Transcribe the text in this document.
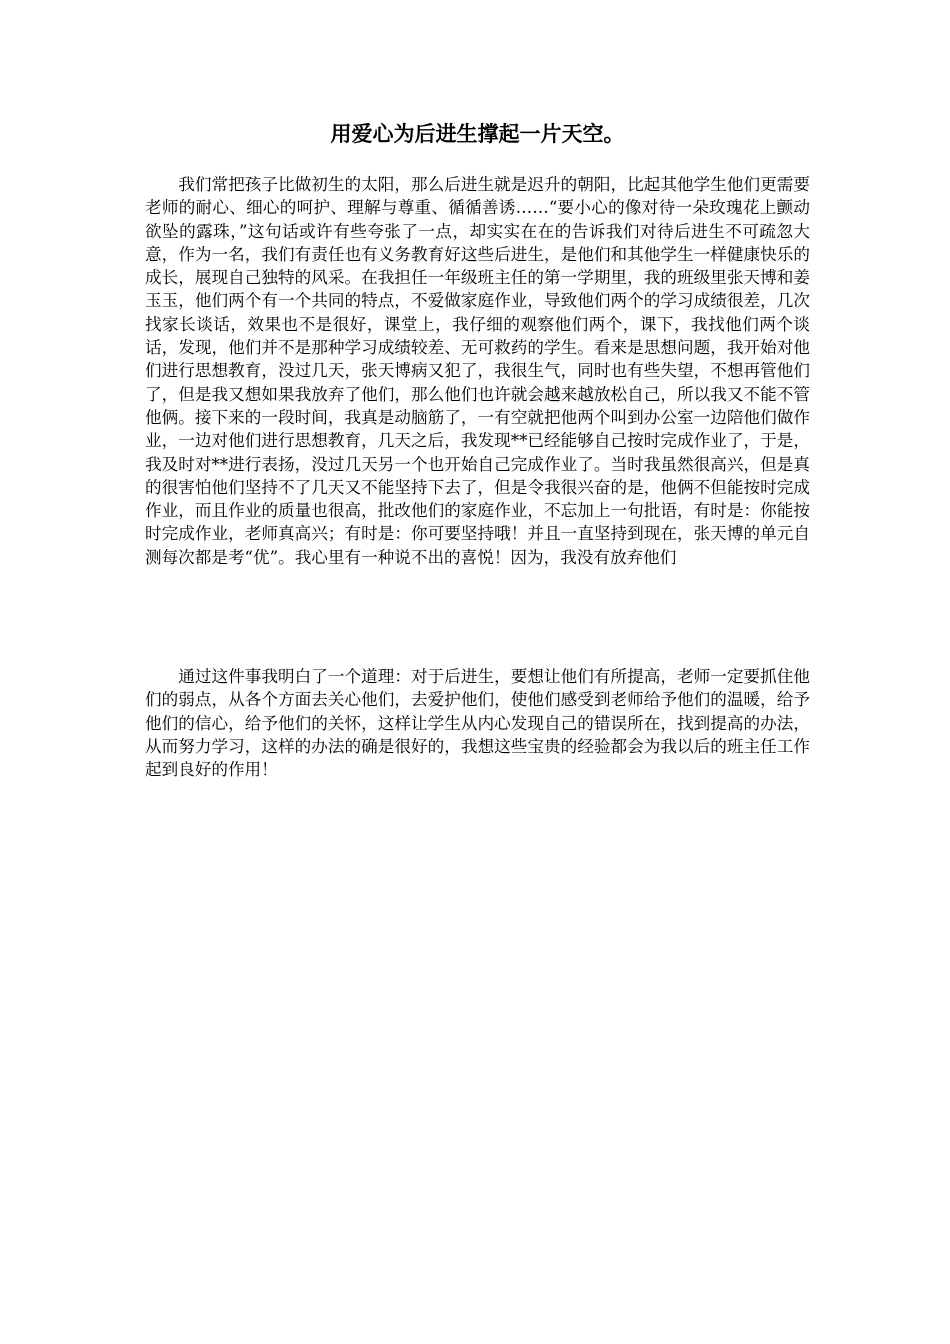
用爱心为后进生撑起一片天空。

我们常把孩子比做初生的太阳，那么后进生就是迟升的朝阳，比起其他学生他们更需要老师的耐心、细心的呵护、理解与尊重、循循善诱……“要小心的像对待一朵玫瑰花上颤动欲坠的露珠，”这句话或许有些夸张了一点，却实实在在的告诉我们对待后进生不可疏忽大意，作为一名，我们有责任也有义务教育好这些后进生，是他们和其他学生一样健康快乐的成长，展现自己独特的风采。在我担任一年级班主任的第一学期里，我的班级里张天博和姜玉玉，他们两个有一个共同的特点，不爱做家庭作业，导致他们两个的学习成绩很差，几次找家长谈话，效果也不是很好，课堂上，我仔细的观察他们两个，课下，我找他们两个谈话，发现，他们并不是那种学习成绩较差、无可救药的学生。看来是思想问题，我开始对他们进行思想教育，没过几天，张天博病又犯了，我很生气，同时也有些失望，不想再管他们了，但是我又想如果我放弃了他们，那么他们也许就会越来越放松自己，所以我又不能不管他俩。接下来的一段时间，我真是动脑筋了，一有空就把他两个叫到办公室一边陪他们做作业，一边对他们进行思想教育，几天之后，我发现**已经能够自己按时完成作业了，于是，我及时对**进行表扬，没过几天另一个也开始自己完成作业了。当时我虽然很高兴，但是真的很害怕他们坚持不了几天又不能坚持下去了，但是令我很兴奋的是，他俩不但能按时完成作业，而且作业的质量也很高，批改他们的家庭作业，不忘加上一句批语，有时是：你能按时完成作业，老师真高兴；有时是：你可要坚持哦！并且一直坚持到现在，张天博的单元自测每次都是考“优”。我心里有一种说不出的喜悦！因为，我没有放弃他们

通过这件事我明白了一个道理：对于后进生，要想让他们有所提高，老师一定要抓住他们的弱点，从各个方面去关心他们，去爱护他们，使他们感受到老师给予他们的温暖，给予他们的信心，给予他们的关怀，这样让学生从内心发现自己的错误所在，找到提高的办法，从而努力学习，这样的办法的确是很好的，我想这些宝贵的经验都会为我以后的班主任工作起到良好的作用！
